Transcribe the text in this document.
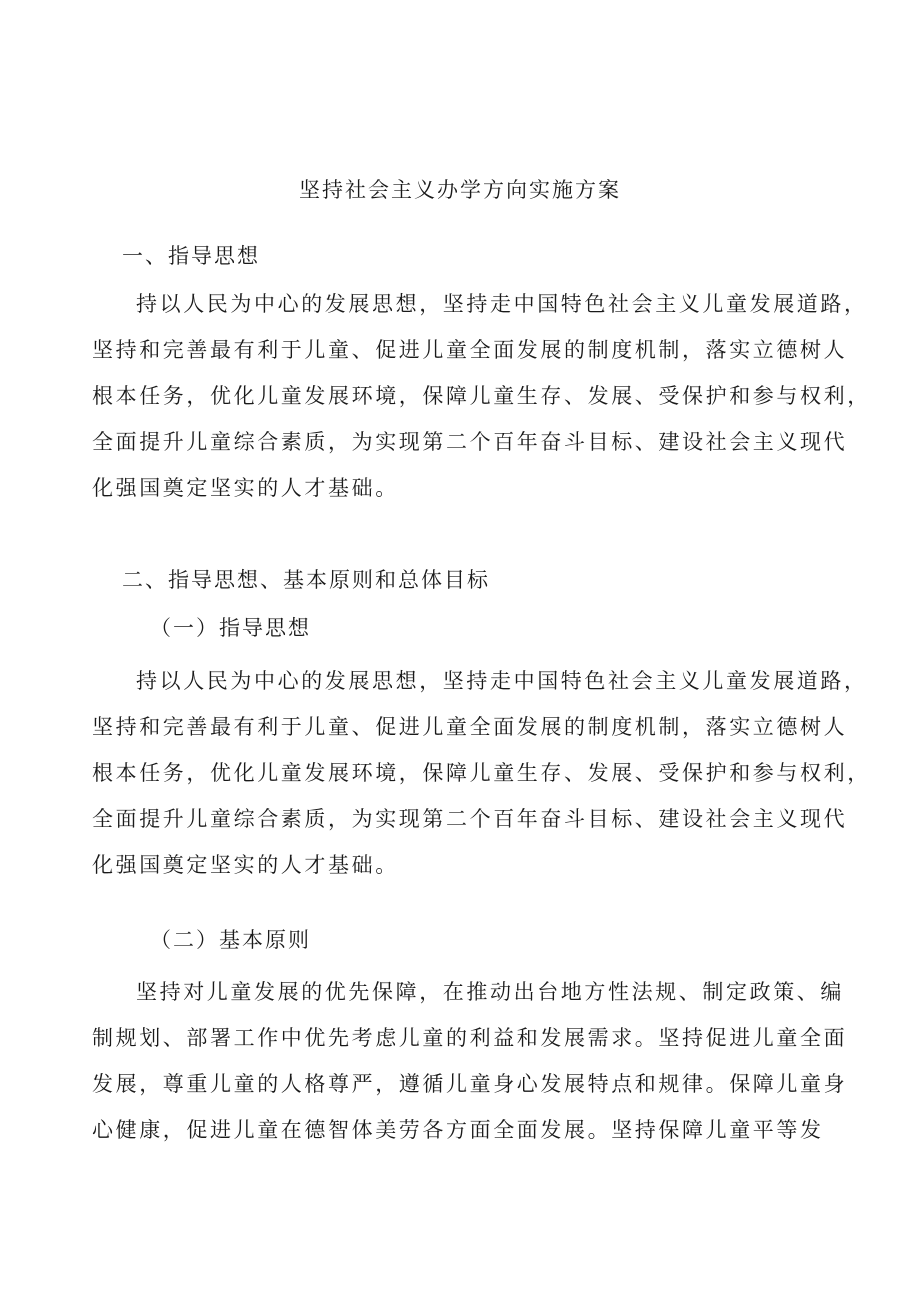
坚持社会主义办学方向实施方案
一、指导思想
持以人民为中心的发展思想，坚持走中国特色社会主义儿童发展道路，
坚持和完善最有利于儿童、促进儿童全面发展的制度机制，落实立德树人
根本任务，优化儿童发展环境，保障儿童生存、发展、受保护和参与权利，
全面提升儿童综合素质，为实现第二个百年奋斗目标、建设社会主义现代
化强国奠定坚实的人才基础。
二、指导思想、基本原则和总体目标
（一）指导思想
持以人民为中心的发展思想，坚持走中国特色社会主义儿童发展道路，
坚持和完善最有利于儿童、促进儿童全面发展的制度机制，落实立德树人
根本任务，优化儿童发展环境，保障儿童生存、发展、受保护和参与权利，
全面提升儿童综合素质，为实现第二个百年奋斗目标、建设社会主义现代
化强国奠定坚实的人才基础。
（二）基本原则
坚持对儿童发展的优先保障，在推动出台地方性法规、制定政策、编
制规划、部署工作中优先考虑儿童的利益和发展需求。坚持促进儿童全面
发展，尊重儿童的人格尊严，遵循儿童身心发展特点和规律。保障儿童身
心健康，促进儿童在德智体美劳各方面全面发展。坚持保障儿童平等发
